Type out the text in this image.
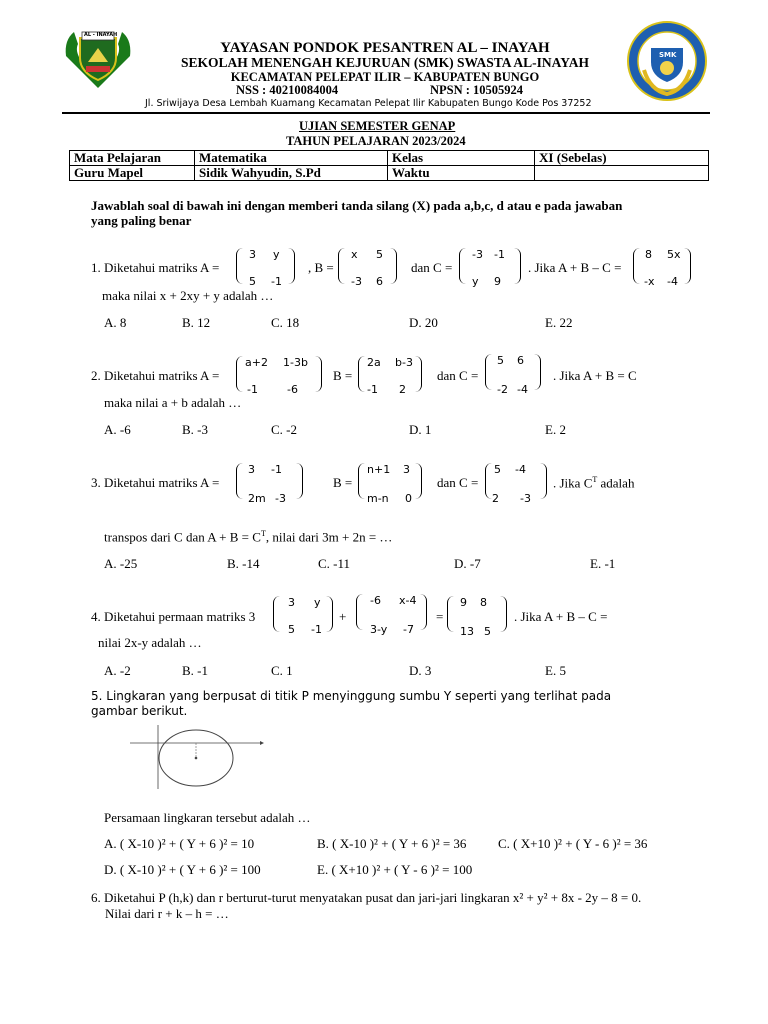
AL - INAYAH
SMK
YAYASAN PONDOK PESANTREN AL – INAYAH
SEKOLAH MENENGAH KEJURUAN (SMK) SWASTA AL-INAYAH
KECAMATAN PELEPAT ILIR – KABUPATEN BUNGO
NSS : 40210084004	NPSN : 10505924
Jl. Sriwijaya Desa Lembah Kuamang Kecamatan Pelepat Ilir Kabupaten Bungo Kode Pos 37252
UJIAN SEMESTER GENAP
TAHUN PELAJARAN 2023/2024
Mata Pelajaran	Matematika	Kelas	XI (Sebelas)
Guru Mapel	Sidik Wahyudin, S.Pd	Waktu	
Jawablah soal di bawah ini dengan memberi tanda silang (X) pada a,b,c, d atau e pada jawaban
yang paling benar
1. Diketahui matriks A =
3 y
5 -1
, B =
x 5
-3 6
dan C =
-3 -1
y 9
. Jika A + B – C =
8 5x
-x -4
maka nilai x + 2xy + y adalah …
A. 8	B. 12	C. 18	D. 20	E. 22
2. Diketahui matriks A =
a+2 1-3b
-1	-6
B =
2a b-3
-1 2
dan C =
5 6
-2 -4
. Jika A + B = C
maka nilai a + b adalah …
A. -6	B. -3	C. -2	D. 1	E. 2
3. Diketahui matriks A =
3 -1
2m -3
B =
n+1 3
m-n 0
dan C =
5 -4
2 -3
. Jika $C^T$ adalah
transpos dari C dan $A + B = C^T$, nilai dari 3m + 2n = …
A. -25	B. -14	C. -11	D. -7	E. -1
4. Diketahui permaan matriks 3
3 y
5 -1
+
-6 x-4
3-y -7
=
9 8
13 5
. Jika A + B – C =
nilai 2x-y adalah …
A. -2	B. -1	C. 1	D. 3	E. 5
5. Lingkaran yang berpusat di titik P menyinggung sumbu Y seperti yang terlihat pada
gambar berikut.
Persamaan lingkaran tersebut adalah …
A. ( X-10 )² + ( Y + 6 )² = 10	B. ( X-10 )² + ( Y + 6 )² = 36 C. ( X+10 )² + ( Y - 6 )² = 36
D. ( X-10 )² + ( Y + 6 )² = 100	E. ( X+10 )² + ( Y - 6 )² = 100
6. Diketahui P (h,k) dan r berturut-turut menyatakan pusat dan jari-jari lingkaran x² + y² + 8x - 2y – 8 = 0.
Nilai dari r + k – h = …
